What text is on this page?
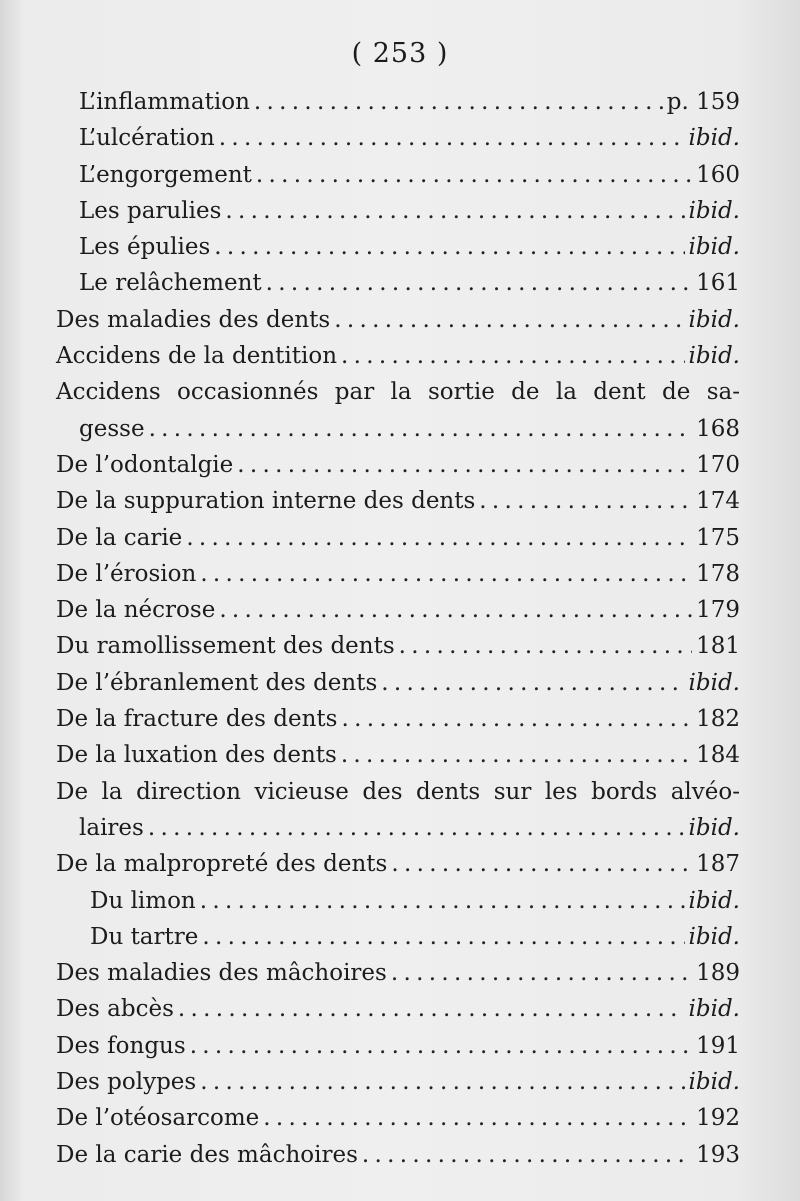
( 253 )
L’inflammation . . .	p. 159
L’ulcération . . .	ibid.
L’engorgement . . .	160
Les parulies . . .	ibid.
Les épulies . . .	ibid.
Le relâchement . . .	161
Des maladies des dents . . .	ibid.
Accidens de la dentition . . .	ibid.
Accidens occasionnés par la sortie de la dent de sa-
gesse . . .	168
De l’odontalgie . . .	170
De la suppuration interne des dents . . .	174
De la carie . . .	175
De l’érosion . . .	178
De la nécrose . . .	179
Du ramollissement des dents . . .	181
De l’ébranlement des dents . . .	ibid.
De la fracture des dents . . .	182
De la luxation des dents . . .	184
De la direction vicieuse des dents sur les bords alvéo-
laires . . .	ibid.
De la malpropreté des dents . . .	187
Du limon . . .	ibid.
Du tartre . . .	ibid.
Des maladies des mâchoires . . .	189
Des abcès . . .	ibid.
Des fongus . . .	191
Des polypes . . .	ibid.
De l’otéosarcome . . .	192
De la carie des mâchoires . . .	193
